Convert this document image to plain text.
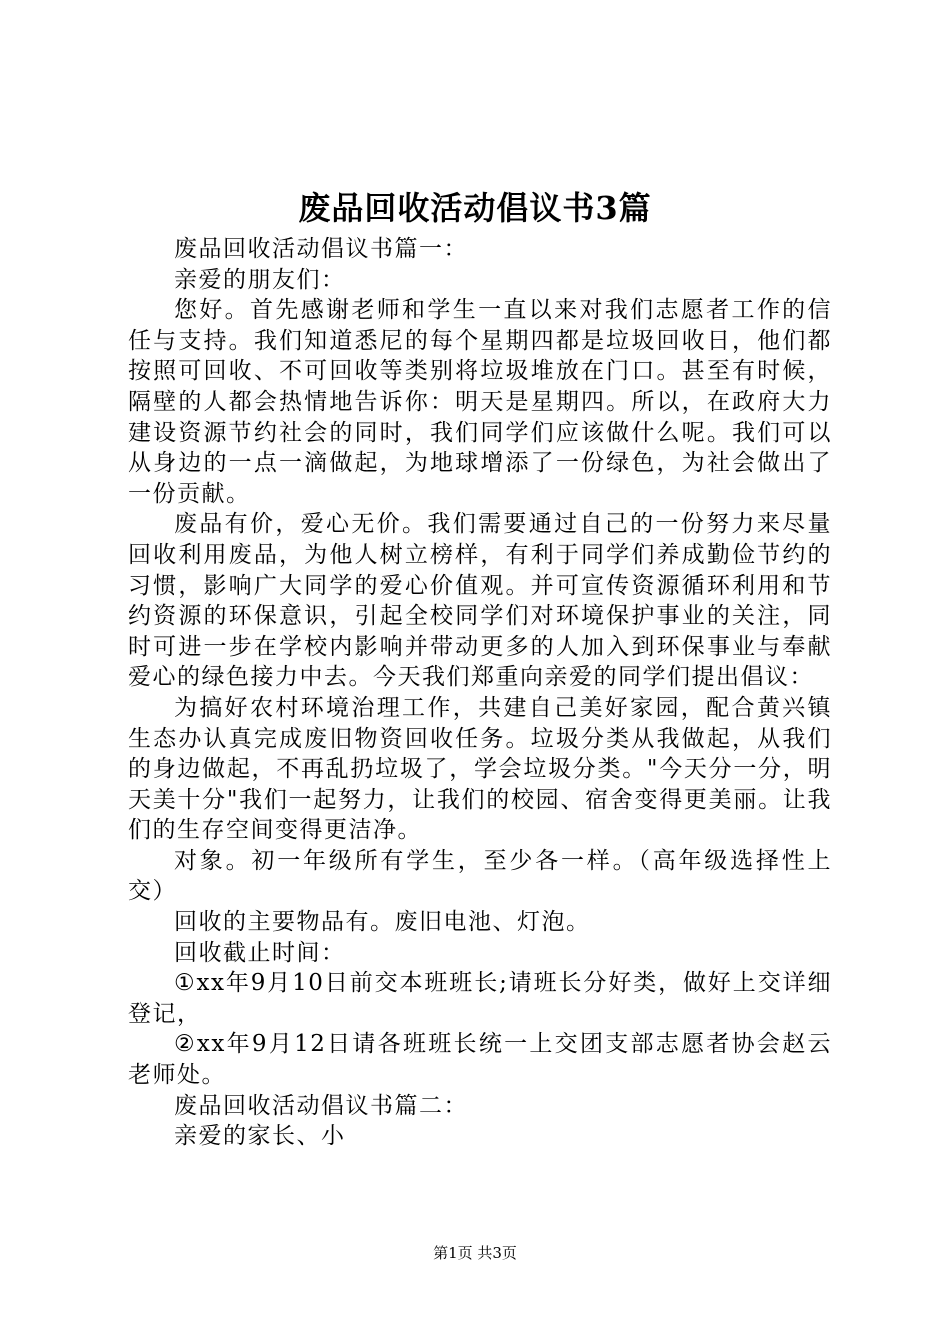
废品回收活动倡议书3篇

废品回收活动倡议书篇一：

亲爱的朋友们：

您好。首先感谢老师和学生一直以来对我们志愿者工作的信任与支持。我们知道悉尼的每个星期四都是垃圾回收日，他们都按照可回收、不可回收等类别将垃圾堆放在门口。甚至有时候，隔壁的人都会热情地告诉你：明天是星期四。所以，在政府大力建设资源节约社会的同时，我们同学们应该做什么呢。我们可以从身边的一点一滴做起，为地球增添了一份绿色，为社会做出了一份贡献。

废品有价，爱心无价。我们需要通过自己的一份努力来尽量回收利用废品，为他人树立榜样，有利于同学们养成勤俭节约的习惯，影响广大同学的爱心价值观。并可宣传资源循环利用和节约资源的环保意识，引起全校同学们对环境保护事业的关注，同时可进一步在学校内影响并带动更多的人加入到环保事业与奉献爱心的绿色接力中去。今天我们郑重向亲爱的同学们提出倡议：

为搞好农村环境治理工作，共建自己美好家园，配合黄兴镇生态办认真完成废旧物资回收任务。垃圾分类从我做起，从我们的身边做起，不再乱扔垃圾了，学会垃圾分类。"今天分一分，明天美十分"我们一起努力，让我们的校园、宿舍变得更美丽。让我们的生存空间变得更洁净。

对象。初一年级所有学生，至少各一样。（高年级选择性上交）

回收的主要物品有。废旧电池、灯泡。

回收截止时间：

①xx年9月10日前交本班班长;请班长分好类，做好上交详细登记，

②xx年9月12日请各班班长统一上交团支部志愿者协会赵云老师处。

废品回收活动倡议书篇二：

亲爱的家长、小

第1页 共3页
